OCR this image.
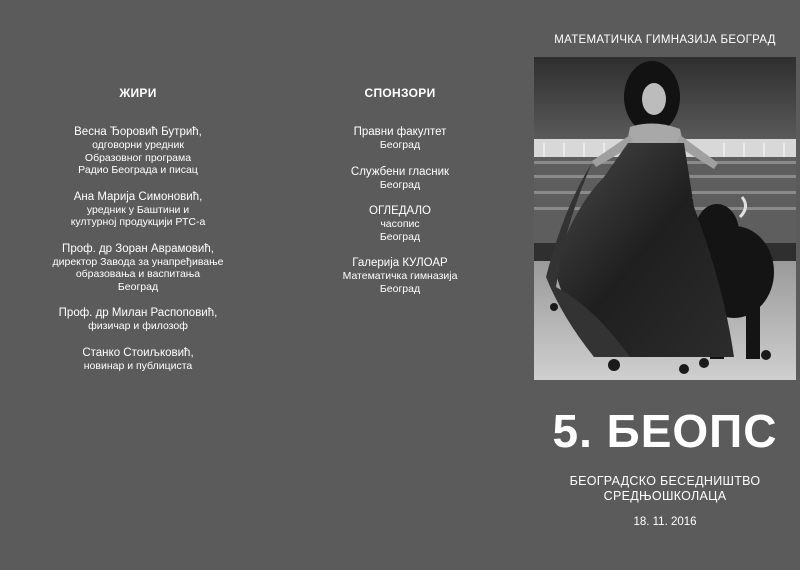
ЖИРИ
Весна Ђоровић Бутрић,
одговорни уредник
Образовног програма
Радио Београда и писац
Ана Марија Симоновић,
уредник у Баштини и
културној продукцији РТС-а
Проф. др Зоран Аврамовић,
директор Завода за унапређивање
образовања и васпитања
Београд
Проф. др Милан Распоповић,
физичар и филозоф
Станко Стоиљковић,
новинар и публициста
СПОНЗОРИ
Правни факултет
Београд
Службени гласник
Београд
ОГЛЕДАЛО
часопис
Београд
Галерија КУЛОАР
Математичка гимназија
Београд
МАТЕМАТИЧКА ГИМНАЗИЈА БЕОГРАД
5. БЕОПС
БЕОГРАДСКО БЕСЕДНИШТВО
СРЕДЊОШКОЛАЦА
18. 11. 2016
